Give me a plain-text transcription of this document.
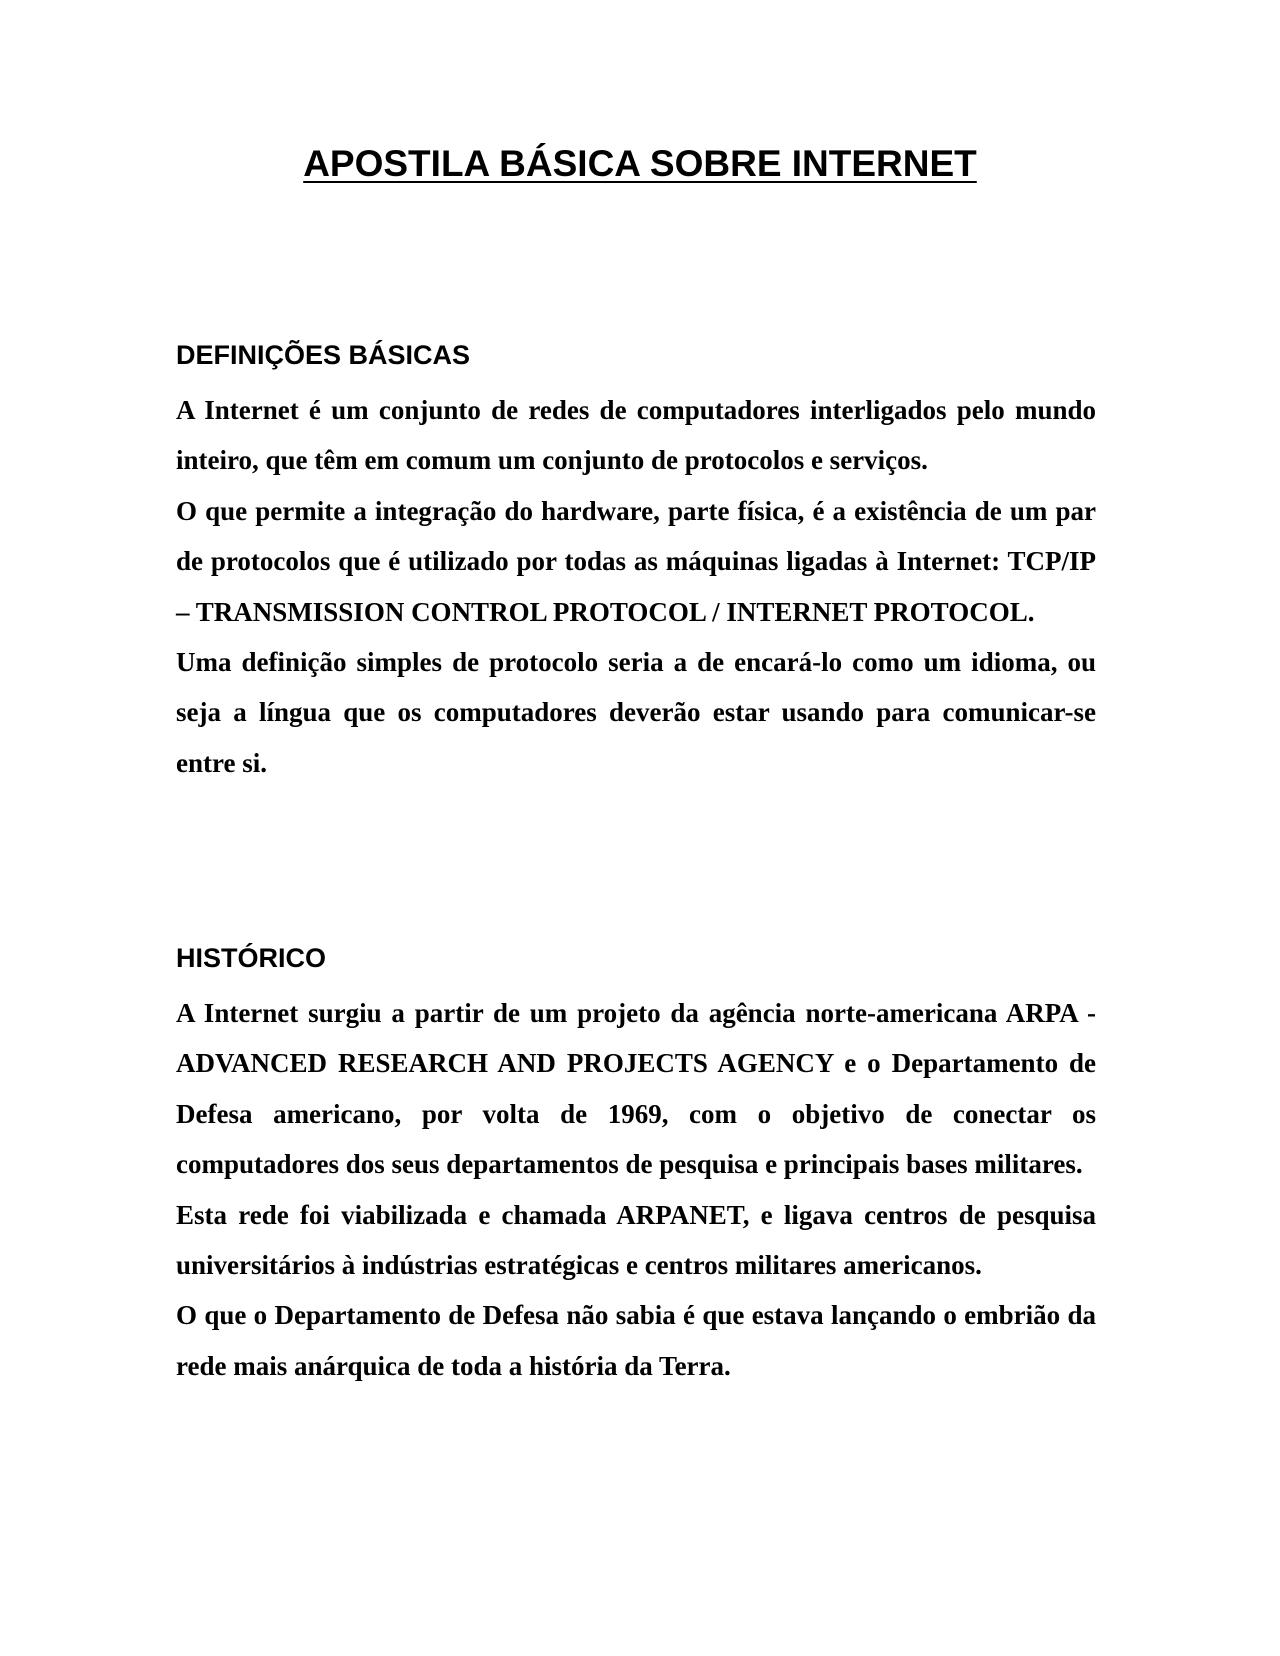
APOSTILA BÁSICA SOBRE INTERNET
DEFINIÇÕES BÁSICAS

A Internet é um conjunto de redes de computadores interligados pelo mundo inteiro, que têm em comum um conjunto de protocolos e serviços.

O que permite a integração do hardware, parte física, é a existência de um par de protocolos que é utilizado por todas as máquinas ligadas à Internet: TCP/IP – TRANSMISSION CONTROL PROTOCOL / INTERNET PROTOCOL.

Uma definição simples de protocolo seria a de encará-lo como um idioma, ou seja a língua que os computadores deverão estar usando para comunicar-se entre si.

HISTÓRICO

A Internet surgiu a partir de um projeto da agência norte-americana ARPA - ADVANCED RESEARCH AND PROJECTS AGENCY e o Departamento de Defesa americano, por volta de 1969, com o objetivo de conectar os computadores dos seus departamentos de pesquisa e principais bases militares.

Esta rede foi viabilizada e chamada ARPANET, e ligava centros de pesquisa universitários à indústrias estratégicas e centros militares americanos.

O que o Departamento de Defesa não sabia é que estava lançando o embrião da rede mais anárquica de toda a história da Terra.
